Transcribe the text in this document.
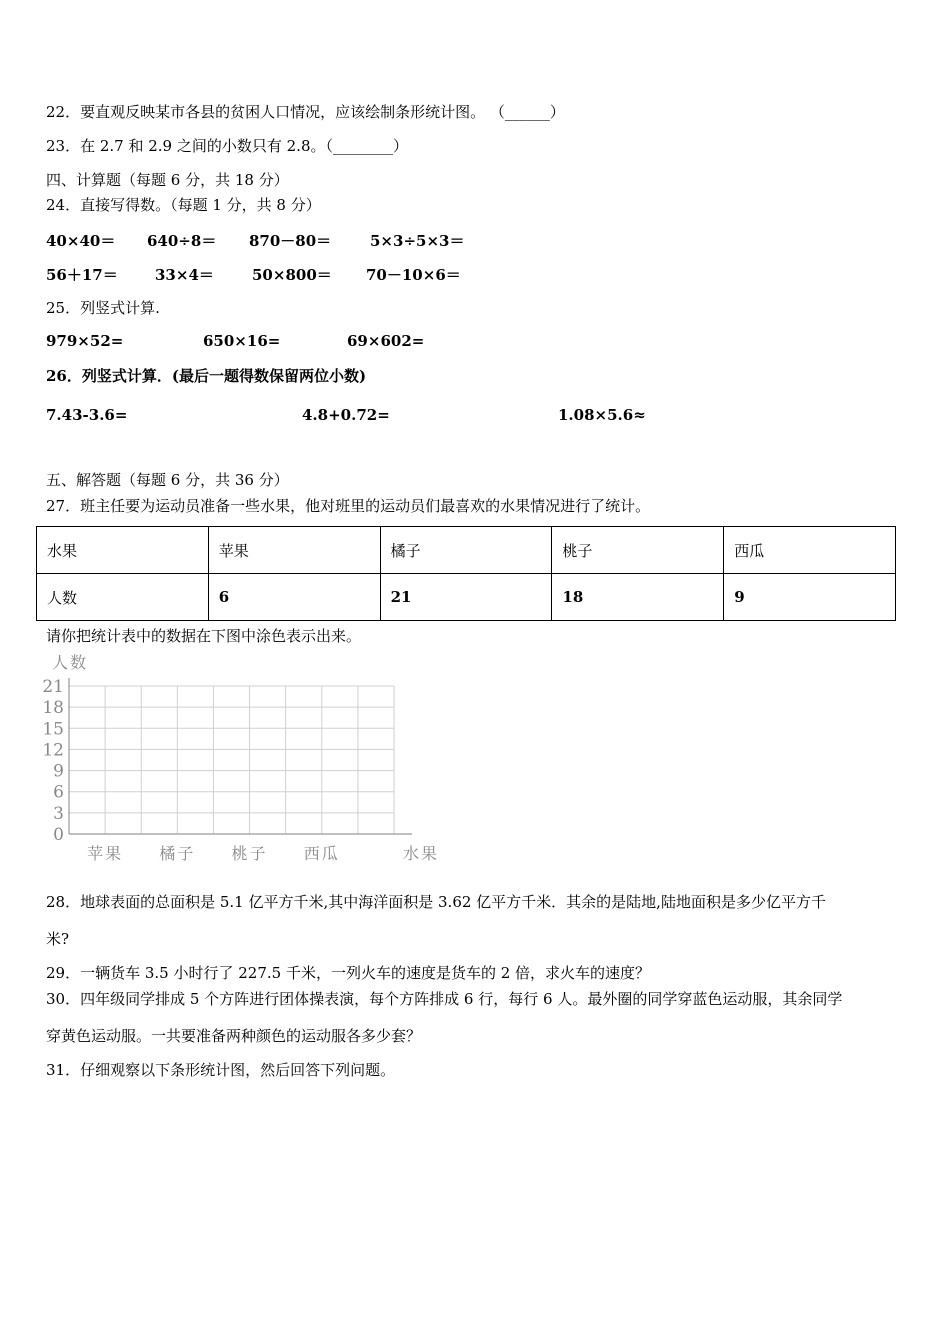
22．要直观反映某市各县的贫困人口情况，应该绘制条形统计图。 （______）
23．在 2.7 和 2.9 之间的小数只有 2.8。（________）
四、计算题（每题 6 分，共 18 分）
24．直接写得数。（每题 1 分，共 8 分）
40×40＝ 640÷8＝ 870－80＝	5×3÷5×3＝
56＋17＝ 33×4＝	50×800＝ 70－10×6＝
25．列竖式计算.
979×52=	650×16=	69×602=
26．列竖式计算．(最后一题得数保留两位小数)
7.43-3.6=	4.8+0.72=	1.08×5.6≈
五、解答题（每题 6 分，共 36 分）
27．班主任要为运动员准备一些水果，他对班里的运动员们最喜欢的水果情况进行了统计。
水果	苹果	橘子	桃子	西瓜
人数	6	21	18	9
请你把统计表中的数据在下图中涂色表示出来。
0
3
6
9
12
15
18
21
人数
苹果 橘子 桃子 西瓜	水果
28．地球表面的总面积是 5.1 亿平方千米,其中海洋面积是 3.62 亿平方千米．其余的是陆地,陆地面积是多少亿平方千
米?
29．一辆货车 3.5 小时行了 227.5 千米，一列火车的速度是货车的 2 倍，求火车的速度？
30．四年级同学排成 5 个方阵进行团体操表演，每个方阵排成 6 行，每行 6 人。最外圈的同学穿蓝色运动服，其余同学
穿黄色运动服。一共要准备两种颜色的运动服各多少套？
31．仔细观察以下条形统计图，然后回答下列问题。
